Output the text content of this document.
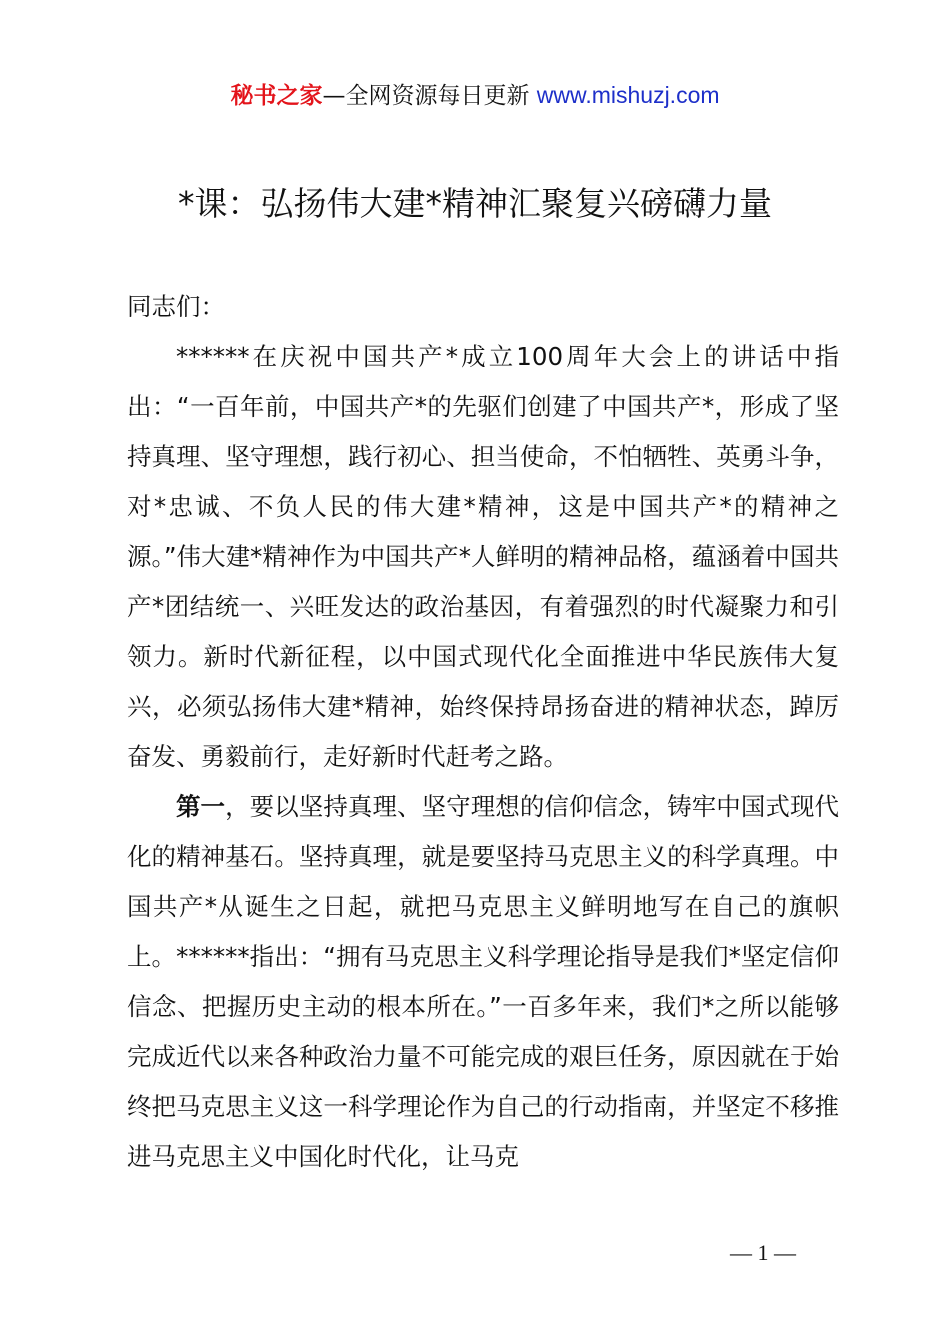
秘书之家—全网资源每日更新 www.mishuzj.com
*课：弘扬伟大建*精神汇聚复兴磅礴力量

同志们：

******在庆祝中国共产*成立100周年大会上的讲话中指出：“一百年前，中国共产*的先驱们创建了中国共产*，形成了坚持真理、坚守理想，践行初心、担当使命，不怕牺牲、英勇斗争，对*忠诚、不负人民的伟大建*精神，这是中国共产*的精神之源。”伟大建*精神作为中国共产*人鲜明的精神品格，蕴涵着中国共产*团结统一、兴旺发达的政治基因，有着强烈的时代凝聚力和引领力。新时代新征程，以中国式现代化全面推进中华民族伟大复兴，必须弘扬伟大建*精神，始终保持昂扬奋进的精神状态，踔厉奋发、勇毅前行，走好新时代赶考之路。

第一，要以坚持真理、坚守理想的信仰信念，铸牢中国式现代化的精神基石。坚持真理，就是要坚持马克思主义的科学真理。中国共产*从诞生之日起，就把马克思主义鲜明地写在自己的旗帜上。******指出：“拥有马克思主义科学理论指导是我们*坚定信仰信念、把握历史主动的根本所在。”一百多年来，我们*之所以能够完成近代以来各种政治力量不可能完成的艰巨任务，原因就在于始终把马克思主义这一科学理论作为自己的行动指南，并坚定不移推进马克思主义中国化时代化，让马克

— 1 —
